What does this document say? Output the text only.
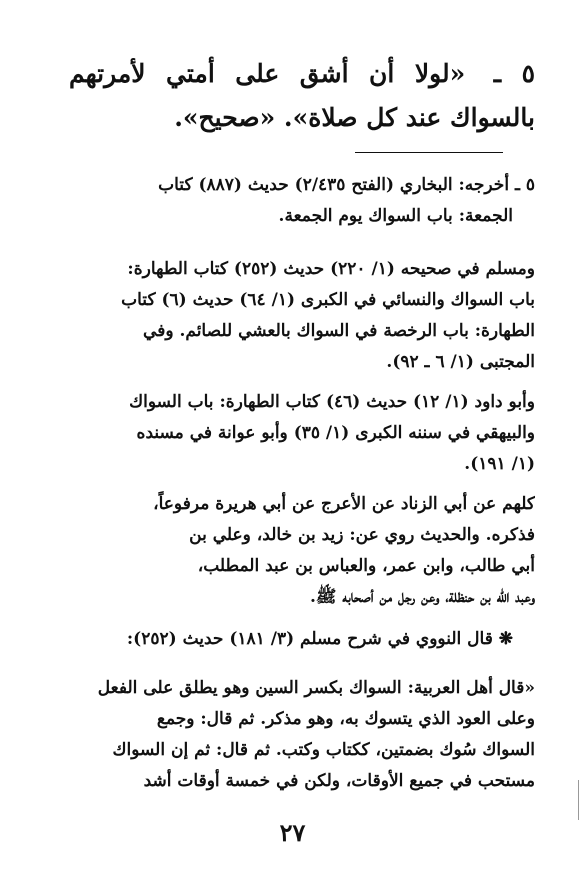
٥ ـ «لولا أن أشق على أمتي لأمرتهم بالسواك عند كل صلاة». «صحيح».
٥ ـ أخرجه: البخاري (الفتح ٢/٤٣٥) حديث (٨٨٧) كتاب
الجمعة: باب السواك يوم الجمعة.
ومسلم في صحيحه (١/ ٢٢٠) حديث (٢٥٢) كتاب الطهارة:
باب السواك والنسائي في الكبرى (١/ ٦٤) حديث (٦) كتاب
الطهارة: باب الرخصة في السواك بالعشي للصائم. وفي
المجتبى (١/ ٦ ـ ٩٢).
وأبو داود (١/ ١٢) حديث (٤٦) كتاب الطهارة: باب السواك
والبيهقي في سننه الكبرى (١/ ٣٥) وأبو عوانة في مسنده
(١/ ١٩١).
كلهم عن أبي الزناد عن الأعرج عن أبي هريرة مرفوعاً،
فذكره. والحديث روي عن: زيد بن خالد، وعلي بن
أبي طالب، وابن عمر، والعباس بن عبد المطلب،
وعبد الله بن حنظلة، وعن رجل من أصحابه ﷺ.
❋ قال النووي في شرح مسلم (٣/ ١٨١) حديث (٢٥٢):
«قال أهل العربية: السواك بكسر السين وهو يطلق على الفعل
وعلى العود الذي يتسوك به، وهو مذكر. ثم قال: وجمع
السواك سُوك بضمتين، ككتاب وكتب. ثم قال: ثم إن السواك
مستحب في جميع الأوقات، ولكن في خمسة أوقات أشد
٢٧
